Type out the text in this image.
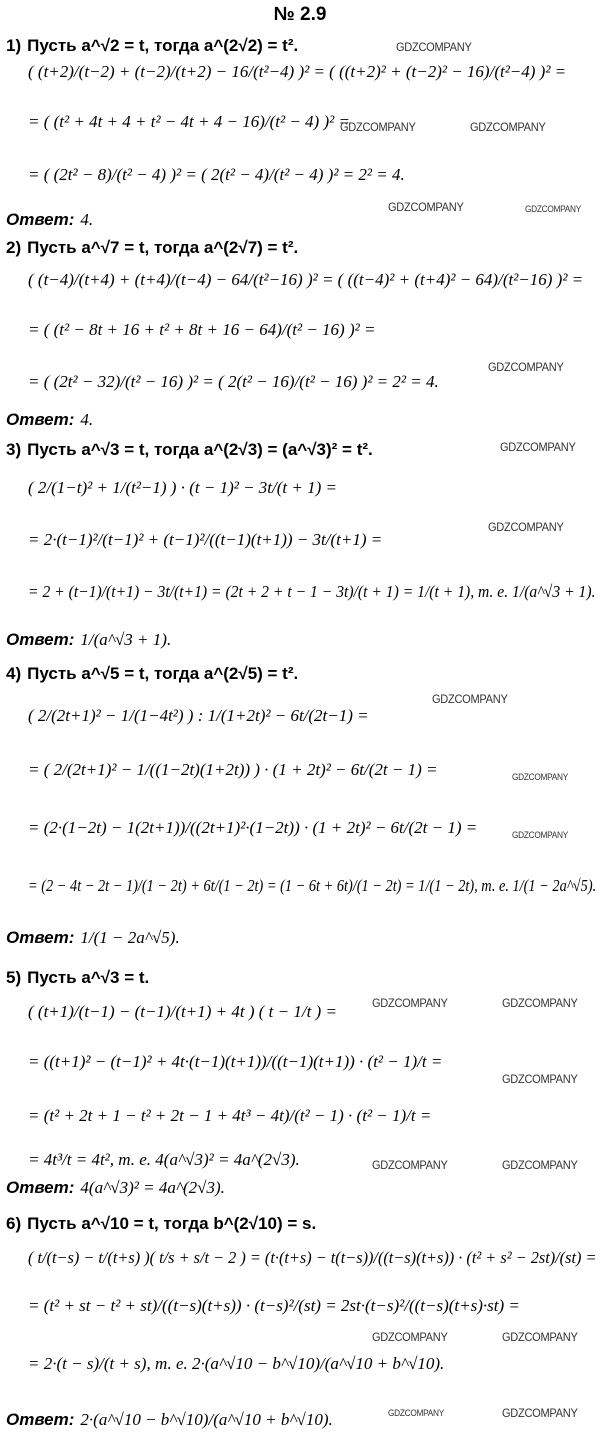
№ 2.9
1) Пусть a^√2 = t, тогда a^(2√2) = t².
( (t+2)/(t−2) + (t−2)/(t+2) − 16/(t²−4) )² = ( ((t+2)² + (t−2)² − 16)/(t²−4) )² =
= ( (t² + 4t + 4 + t² − 4t + 4 − 16)/(t² − 4) )² =
= ( (2t² − 8)/(t² − 4) )² = ( 2(t² − 4)/(t² − 4) )² = 2² = 4.
Ответ: 4.
2) Пусть a^√7 = t, тогда a^(2√7) = t².
( (t−4)/(t+4) + (t+4)/(t−4) − 64/(t²−16) )² = ( ((t−4)² + (t+4)² − 64)/(t²−16) )² =
= ( (t² − 8t + 16 + t² + 8t + 16 − 64)/(t² − 16) )² =
= ( (2t² − 32)/(t² − 16) )² = ( 2(t² − 16)/(t² − 16) )² = 2² = 4.
Ответ: 4.
3) Пусть a^√3 = t, тогда a^(2√3) = (a^√3)² = t².
( 2/(1−t)² + 1/(t²−1) ) · (t − 1)² − 3t/(t + 1) =
= 2·(t−1)²/(t−1)² + (t−1)²/((t−1)(t+1)) − 3t/(t+1) =
= 2 + (t−1)/(t+1) − 3t/(t+1) = (2t + 2 + t − 1 − 3t)/(t + 1) = 1/(t + 1), т. е. 1/(a^√3 + 1).
Ответ: 1/(a^√3 + 1).
4) Пусть a^√5 = t, тогда a^(2√5) = t².
( 2/(2t+1)² − 1/(1−4t²) ) : 1/(1+2t)² − 6t/(2t−1) =
= ( 2/(2t+1)² − 1/((1−2t)(1+2t)) ) · (1 + 2t)² − 6t/(2t − 1) =
= (2·(1−2t) − 1(2t+1))/((2t+1)²·(1−2t)) · (1 + 2t)² − 6t/(2t − 1) =
= (2 − 4t − 2t − 1)/(1 − 2t) + 6t/(1 − 2t) = (1 − 6t + 6t)/(1 − 2t) = 1/(1 − 2t), т. е. 1/(1 − 2a^√5).
Ответ: 1/(1 − 2a^√5).
5) Пусть a^√3 = t.
( (t+1)/(t−1) − (t−1)/(t+1) + 4t ) ( t − 1/t ) =
= ((t+1)² − (t−1)² + 4t·(t−1)(t+1))/((t−1)(t+1)) · (t² − 1)/t =
= (t² + 2t + 1 − t² + 2t − 1 + 4t³ − 4t)/(t² − 1) · (t² − 1)/t =
= 4t³/t = 4t², т. е. 4(a^√3)² = 4a^(2√3).
Ответ: 4(a^√3)² = 4a^(2√3).
6) Пусть a^√10 = t, тогда b^(2√10) = s.
( t/(t−s) − t/(t+s) )( t/s + s/t − 2 ) = (t·(t+s) − t(t−s))/((t−s)(t+s)) · (t² + s² − 2st)/(st) =
= (t² + st − t² + st)/((t−s)(t+s)) · (t−s)²/(st) = 2st·(t−s)²/((t−s)(t+s)·st) =
= 2·(t − s)/(t + s), т. е. 2·(a^√10 − b^√10)/(a^√10 + b^√10).
Ответ: 2·(a^√10 − b^√10)/(a^√10 + b^√10).
GDZCOMPANY
GDZCOMPANY	GDZCOMPANY
GDZCOMPANY	GDZCOMPANY
GDZCOMPANY
GDZCOMPANY
GDZCOMPANY
GDZCOMPANY
GDZCOMPANY
GDZCOMPANY
GDZCOMPANY	GDZCOMPANY
GDZCOMPANY
GDZCOMPANY	GDZCOMPANY
GDZCOMPANY	GDZCOMPANY
GDZCOMPANY	GDZCOMPANY
